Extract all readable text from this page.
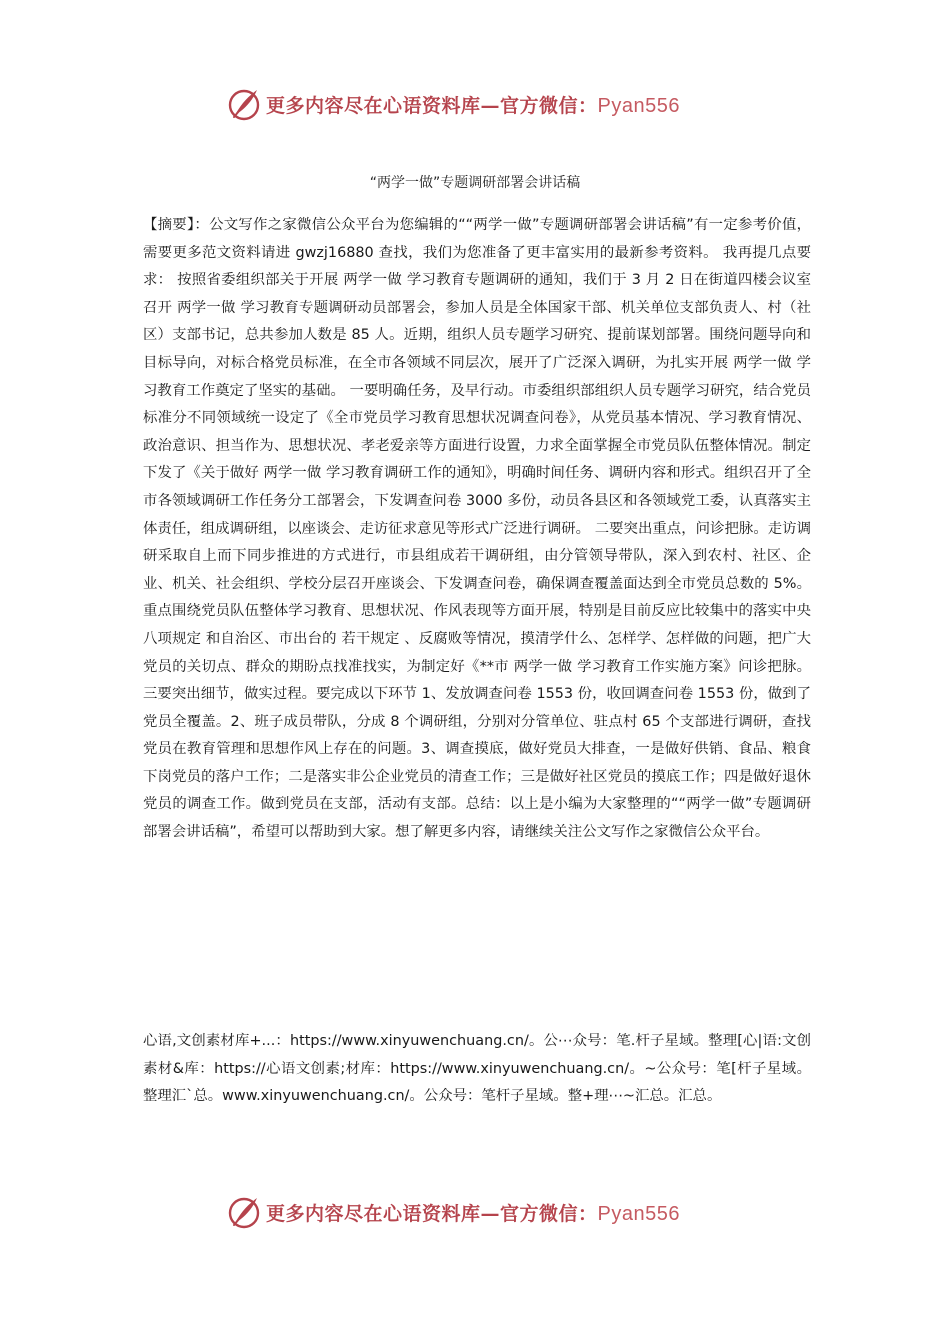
更多内容尽在心语资料库—官方微信：Pyan556
“两学一做”专题调研部署会讲话稿
【摘要】：公文写作之家微信公众平台为您编辑的““两学一做”专题调研部署会讲话稿”有一定参考价值，需要更多范文资料请进 gwzj16880 查找，我们为您准备了更丰富实用的最新参考资料。 我再提几点要求： 按照省委组织部关于开展 两学一做 学习教育专题调研的通知，我们于 3 月 2 日在街道四楼会议室召开 两学一做 学习教育专题调研动员部署会，参加人员是全体国家干部、机关单位支部负责人、村（社区）支部书记，总共参加人数是 85 人。近期，组织人员专题学习研究、提前谋划部署。围绕问题导向和目标导向，对标合格党员标准，在全市各领域不同层次，展开了广泛深入调研，为扎实开展 两学一做 学习教育工作奠定了坚实的基础。 一要明确任务，及早行动。市委组织部组织人员专题学习研究，结合党员标准分不同领域统一设定了《全市党员学习教育思想状况调查问卷》，从党员基本情况、学习教育情况、政治意识、担当作为、思想状况、孝老爱亲等方面进行设置，力求全面掌握全市党员队伍整体情况。制定下发了《关于做好 两学一做 学习教育调研工作的通知》，明确时间任务、调研内容和形式。组织召开了全市各领域调研工作任务分工部署会，下发调查问卷 3000 多份，动员各县区和各领域党工委，认真落实主体责任，组成调研组，以座谈会、走访征求意见等形式广泛进行调研。 二要突出重点，问诊把脉。走访调研采取自上而下同步推进的方式进行，市县组成若干调研组，由分管领导带队，深入到农村、社区、企业、机关、社会组织、学校分层召开座谈会、下发调查问卷，确保调查覆盖面达到全市党员总数的 5%。重点围绕党员队伍整体学习教育、思想状况、作风表现等方面开展，特别是目前反应比较集中的落实中央 八项规定 和自治区、市出台的 若干规定 、反腐败等情况，摸清学什么、怎样学、怎样做的问题，把广大党员的关切点、群众的期盼点找准找实，为制定好《**市 两学一做 学习教育工作实施方案》问诊把脉。三要突出细节，做实过程。要完成以下环节 1、发放调查问卷 1553 份，收回调查问卷 1553 份，做到了党员全覆盖。2、班子成员带队，分成 8 个调研组，分别对分管单位、驻点村 65 个支部进行调研，查找党员在教育管理和思想作风上存在的问题。3、调查摸底，做好党员大排查，一是做好供销、食品、粮食下岗党员的落户工作；二是落实非公企业党员的清查工作；三是做好社区党员的摸底工作；四是做好退休党员的调查工作。做到党员在支部，活动有支部。总结：以上是小编为大家整理的““两学一做”专题调研部署会讲话稿”，希望可以帮助到大家。想了解更多内容，请继续关注公文写作之家微信公众平台。
心语,文创素材库+...：https://www.xinyuwenchuang.cn/。公⋯众号：笔.杆子星域。整理[心|语:文创素材&库：https://心语文创素;材库：https://www.xinyuwenchuang.cn/。~公众号：笔[杆子星域。整理汇`总。www.xinyuwenchuang.cn/。公众号：笔杆子星域。整+理⋯~汇总。汇总。
更多内容尽在心语资料库—官方微信：Pyan556
